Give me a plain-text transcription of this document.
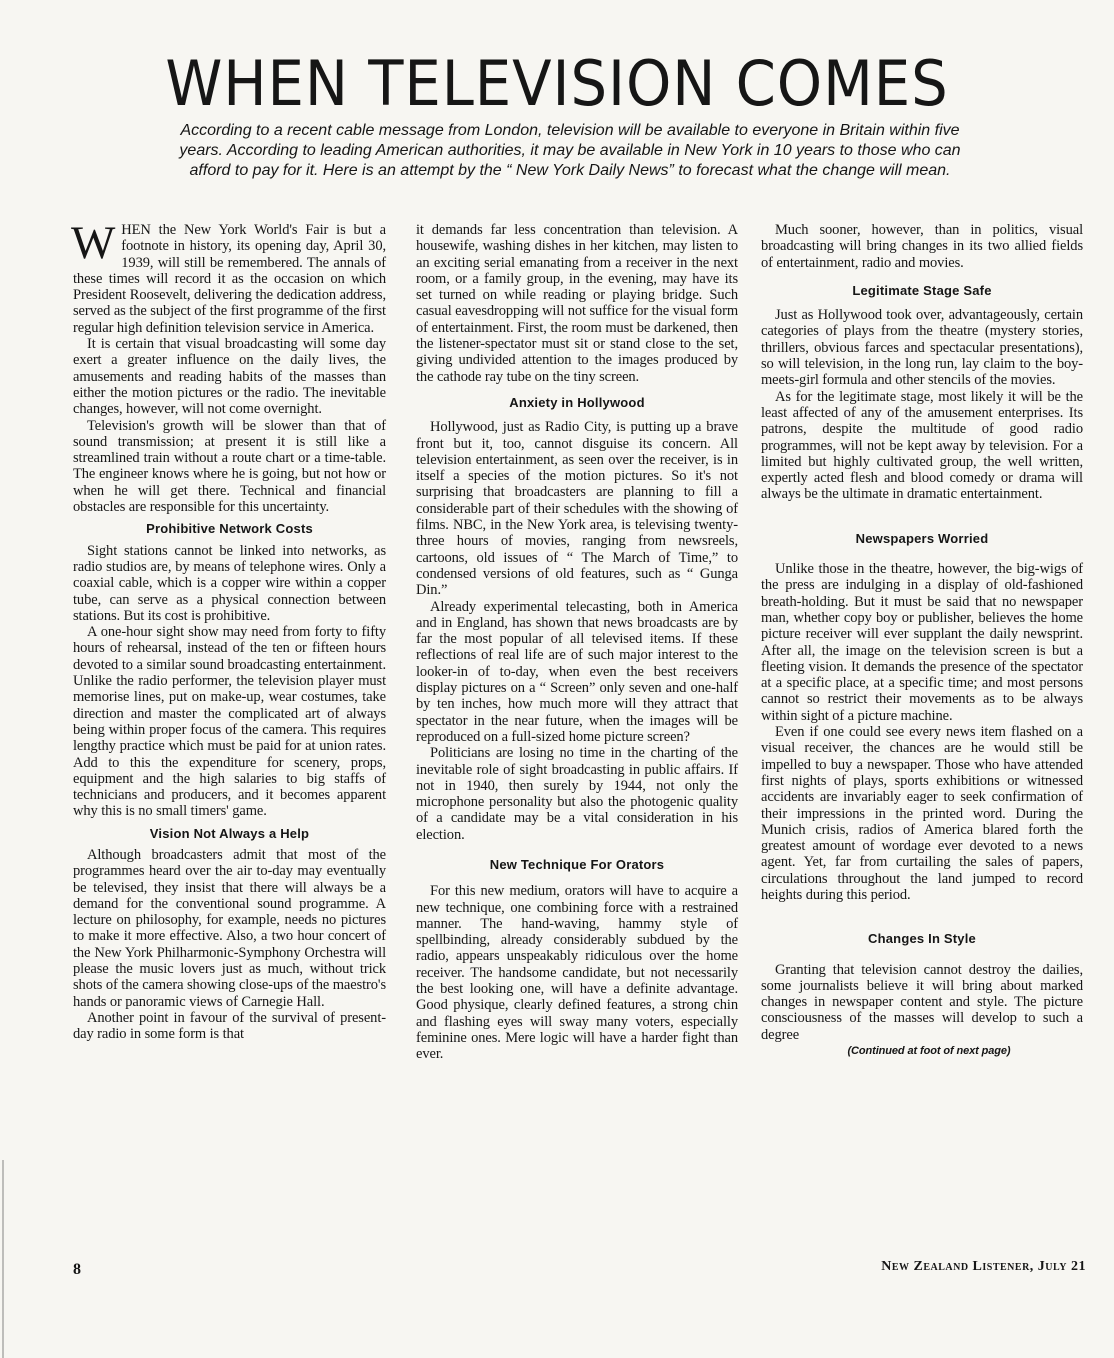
WHEN TELEVISION COMES

According to a recent cable message from London, television will be available to everyone in Britain within five years. According to leading American authorities, it may be available in New York in 10 years to those who can afford to pay for it. Here is an attempt by the “ New York Daily News” to forecast what the change will mean.

WHEN the New York World's Fair is but a footnote in history, its opening day, April 30, 1939, will still be remembered. The annals of these times will record it as the occasion on which President Roosevelt, delivering the dedication address, served as the subject of the first programme of the first regular high definition television service in America.

It is certain that visual broadcasting will some day exert a greater influence on the daily lives, the amusements and reading habits of the masses than either the motion pictures or the radio. The inevitable changes, however, will not come overnight.

Television's growth will be slower than that of sound transmission; at present it is still like a streamlined train without a route chart or a time-table. The engineer knows where he is going, but not how or when he will get there. Technical and financial obstacles are responsible for this uncertainty.

Prohibitive Network Costs

Sight stations cannot be linked into networks, as radio studios are, by means of telephone wires. Only a coaxial cable, which is a copper wire within a copper tube, can serve as a physical connection between stations. But its cost is prohibitive.

A one-hour sight show may need from forty to fifty hours of rehearsal, instead of the ten or fifteen hours devoted to a similar sound broadcasting entertainment. Unlike the radio performer, the television player must memorise lines, put on make-up, wear costumes, take direction and master the complicated art of always being within proper focus of the camera. This requires lengthy practice which must be paid for at union rates. Add to this the expenditure for scenery, props, equipment and the high salaries to big staffs of technicians and producers, and it becomes apparent why this is no small timers' game.

Vision Not Always a Help

Although broadcasters admit that most of the programmes heard over the air to-day may eventually be televised, they insist that there will always be a demand for the conventional sound programme. A lecture on philosophy, for example, needs no pictures to make it more effective. Also, a two hour concert of the New York Philharmonic-Symphony Orchestra will please the music lovers just as much, without trick shots of the camera showing close-ups of the maestro's hands or panoramic views of Carnegie Hall.

Another point in favour of the survival of present-day radio in some form is that

it demands far less concentration than television. A housewife, washing dishes in her kitchen, may listen to an exciting serial emanating from a receiver in the next room, or a family group, in the evening, may have its set turned on while reading or playing bridge. Such casual eavesdropping will not suffice for the visual form of entertainment. First, the room must be darkened, then the listener-spectator must sit or stand close to the set, giving undivided attention to the images produced by the cathode ray tube on the tiny screen.

Anxiety in Hollywood

Hollywood, just as Radio City, is putting up a brave front but it, too, cannot disguise its concern. All television entertainment, as seen over the receiver, is in itself a species of the motion pictures. So it's not surprising that broadcasters are planning to fill a considerable part of their schedules with the showing of films. NBC, in the New York area, is televising twenty-three hours of movies, ranging from newsreels, cartoons, old issues of “ The March of Time,” to condensed versions of old features, such as “ Gunga Din.”

Already experimental telecasting, both in America and in England, has shown that news broadcasts are by far the most popular of all televised items. If these reflections of real life are of such major interest to the looker-in of to-day, when even the best receivers display pictures on a “ Screen” only seven and one-half by ten inches, how much more will they attract that spectator in the near future, when the images will be reproduced on a full-sized home picture screen?

Politicians are losing no time in the charting of the inevitable role of sight broadcasting in public affairs. If not in 1940, then surely by 1944, not only the microphone personality but also the photogenic quality of a candidate may be a vital consideration in his election.

New Technique For Orators

For this new medium, orators will have to acquire a new technique, one combining force with a restrained manner. The hand-waving, hammy style of spellbinding, already considerably subdued by the radio, appears unspeakably ridiculous over the home receiver. The handsome candidate, but not necessarily the best looking one, will have a definite advantage. Good physique, clearly defined features, a strong chin and flashing eyes will sway many voters, especially feminine ones. Mere logic will have a harder fight than ever.

Much sooner, however, than in politics, visual broadcasting will bring changes in its two allied fields of entertainment, radio and movies.

Legitimate Stage Safe

Just as Hollywood took over, advantageously, certain categories of plays from the theatre (mystery stories, thrillers, obvious farces and spectacular presentations), so will television, in the long run, lay claim to the boy-meets-girl formula and other stencils of the movies.

As for the legitimate stage, most likely it will be the least affected of any of the amusement enterprises. Its patrons, despite the multitude of good radio programmes, will not be kept away by television. For a limited but highly cultivated group, the well written, expertly acted flesh and blood comedy or drama will always be the ultimate in dramatic entertainment.

Newspapers Worried

Unlike those in the theatre, however, the big-wigs of the press are indulging in a display of old-fashioned breath-holding. But it must be said that no newspaper man, whether copy boy or publisher, believes the home picture receiver will ever supplant the daily newsprint. After all, the image on the television screen is but a fleeting vision. It demands the presence of the spectator at a specific place, at a specific time; and most persons cannot so restrict their movements as to be always within sight of a picture machine.

Even if one could see every news item flashed on a visual receiver, the chances are he would still be impelled to buy a newspaper. Those who have attended first nights of plays, sports exhibitions or witnessed accidents are invariably eager to seek confirmation of their impressions in the printed word. During the Munich crisis, radios of America blared forth the greatest amount of wordage ever devoted to a news agent. Yet, far from curtailing the sales of papers, circulations throughout the land jumped to record heights during this period.

Changes In Style

Granting that television cannot destroy the dailies, some journalists believe it will bring about marked changes in newspaper content and style. The picture consciousness of the masses will develop to such a degree

(Continued at foot of next page)

8	New Zealand Listener, July 21
